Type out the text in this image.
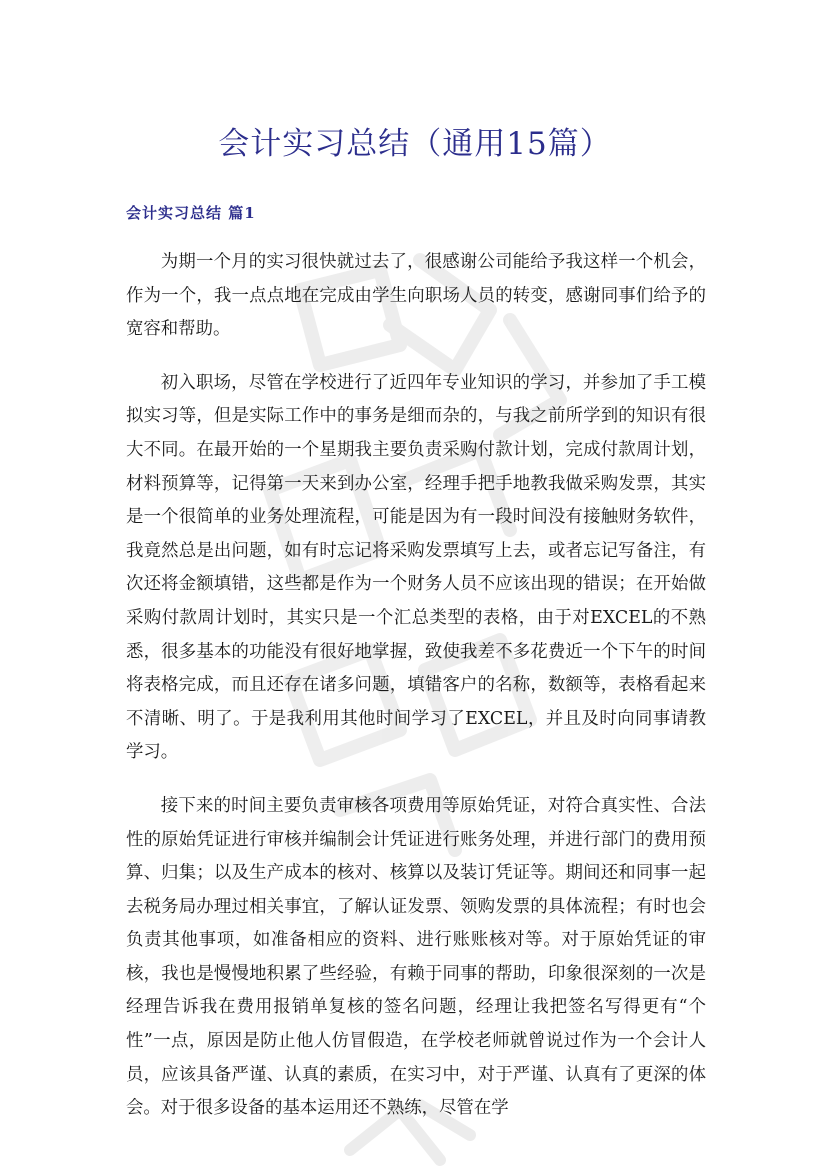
会计实习总结（通用15篇）
会计实习总结 篇1

为期一个月的实习很快就过去了，很感谢公司能给予我这样一个机会，作为一个，我一点点地在完成由学生向职场人员的转变，感谢同事们给予的宽容和帮助。

初入职场，尽管在学校进行了近四年专业知识的学习，并参加了手工模拟实习等，但是实际工作中的事务是细而杂的，与我之前所学到的知识有很大不同。在最开始的一个星期我主要负责采购付款计划，完成付款周计划，材料预算等，记得第一天来到办公室，经理手把手地教我做采购发票，其实是一个很简单的业务处理流程，可能是因为有一段时间没有接触财务软件，我竟然总是出问题，如有时忘记将采购发票填写上去，或者忘记写备注，有次还将金额填错，这些都是作为一个财务人员不应该出现的错误；在开始做采购付款周计划时，其实只是一个汇总类型的表格，由于对EXCEL的不熟悉，很多基本的功能没有很好地掌握，致使我差不多花费近一个下午的时间将表格完成，而且还存在诸多问题，填错客户的名称，数额等，表格看起来不清晰、明了。于是我利用其他时间学习了EXCEL，并且及时向同事请教学习。

接下来的时间主要负责审核各项费用等原始凭证，对符合真实性、合法性的原始凭证进行审核并编制会计凭证进行账务处理，并进行部门的费用预算、归集；以及生产成本的核对、核算以及装订凭证等。期间还和同事一起去税务局办理过相关事宜，了解认证发票、领购发票的具体流程；有时也会负责其他事项，如准备相应的资料、进行账账核对等。对于原始凭证的审核，我也是慢慢地积累了些经验，有赖于同事的帮助，印象很深刻的一次是经理告诉我在费用报销单复核的签名问题，经理让我把签名写得更有“个性”一点，原因是防止他人仿冒假造，在学校老师就曾说过作为一个会计人员，应该具备严谨、认真的素质，在实习中，对于严谨、认真有了更深的体会。对于很多设备的基本运用还不熟练，尽管在学
